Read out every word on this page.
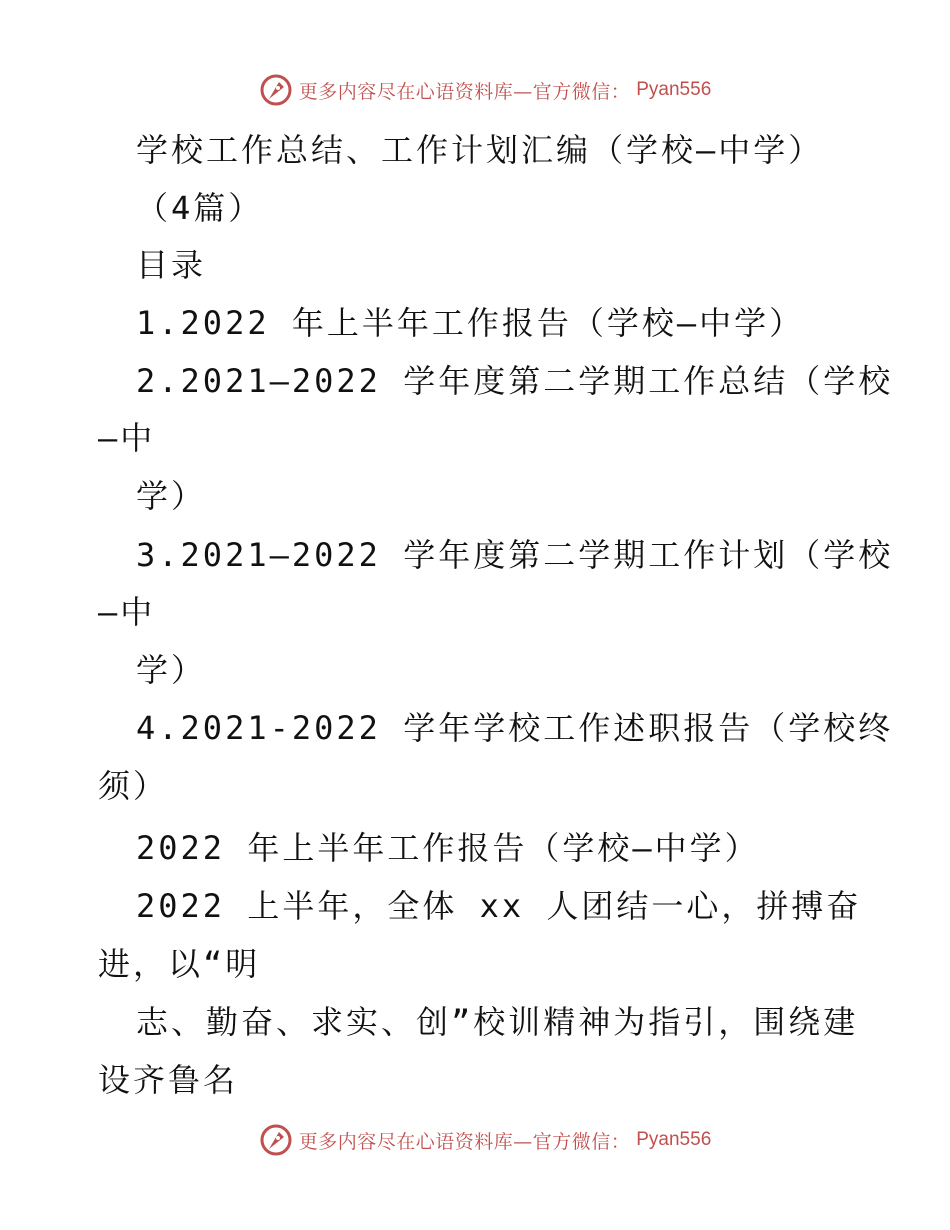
更多内容尽在心语资料库—官方微信： Pyan556
学校工作总结、工作计划汇编（学校—中学）
（4篇）
目录
1.2022 年上半年工作报告（学校—中学）
2.2021—2022 学年度第二学期工作总结（学校
—中
学）
3.2021—2022 学年度第二学期工作计划（学校
—中
学）
4.2021-2022 学年学校工作述职报告（学校终
须）
2022 年上半年工作报告（学校—中学）
2022 上半年，全体 xx 人团结一心，拼搏奋
进，以“明
志、勤奋、求实、创”校训精神为指引，围绕建
设齐鲁名
更多内容尽在心语资料库—官方微信： Pyan556
